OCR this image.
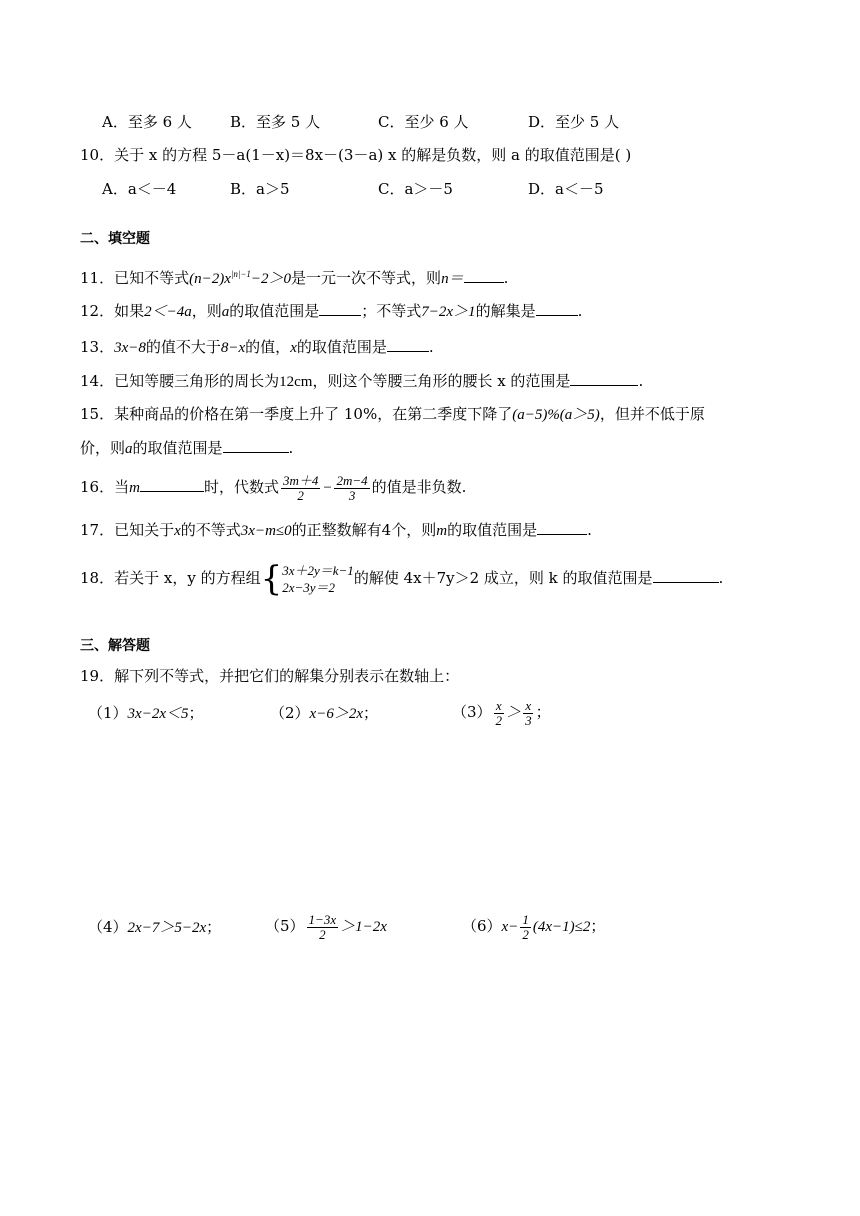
A．至多 6 人	B．至多 5 人	C．至少 6 人	D．至少 5 人
10．关于 x 的方程 5－a(1－x)＝8x－(3－a) x 的解是负数，则 a 的取值范围是( )
A．a＜－4	B．a＞5	C．a＞－5	D．a＜－5
二、填空题
11．已知不等式$(n-2)x^{|n|-1}-2>0$是一元一次不等式，则n＝	.
12．如果2＜−4a，则a的取值范围是	；不等式7−2x＞1的解集是	.
13．3x−8的值不大于8−x的值，x的取值范围是	.
14．已知等腰三角形的周长为12cm，则这个等腰三角形的腰长 x 的范围是	.
15．某种商品的价格在第一季度上升了 10%，在第二季度下降了(a−5)%(a＞5)，但并不低于原
价，则a的取值范围是	.
16．当m	时，代数式 $\frac{3m+4}{2} - \frac{2m-4}{3}$ 的值是非负数.
17．已知关于x的不等式3x−m≤0的正整数解有4个，则m的取值范围是	.
18．若关于 x，y 的方程组{ 3x＋2y＝k−1
2x−3y＝2
的解使 4x＋7y＞2 成立，则 k 的取值范围是	.
三、解答题
19．解下列不等式，并把它们的解集分别表示在数轴上：
（1）3x−2x＜5；	（2）x−6＞2x；	$(3) \frac{x}{2} > \frac{x}{3}$ ；
（4）2x−7＞5−2x；	$(5) \frac{1-3x}{2} >1-2x$	$(6)x- \frac{1}{2} (4x-1)\le 2$；
